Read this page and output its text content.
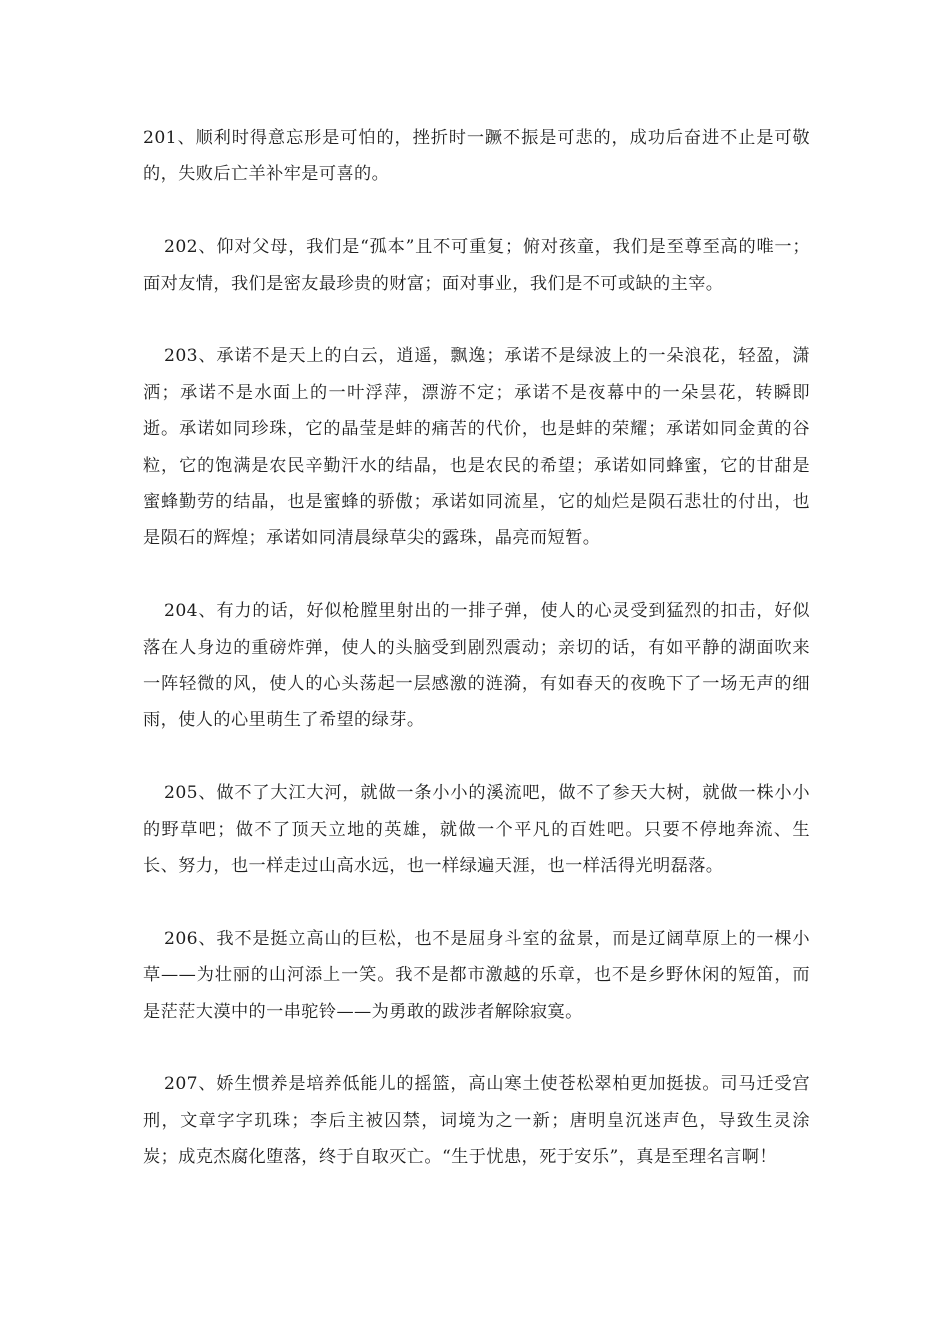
201、顺利时得意忘形是可怕的，挫折时一蹶不振是可悲的，成功后奋进不止是可敬的，失败后亡羊补牢是可喜的。

202、仰对父母，我们是“孤本”且不可重复；俯对孩童，我们是至尊至高的唯一；面对友情，我们是密友最珍贵的财富；面对事业，我们是不可或缺的主宰。

203、承诺不是天上的白云，逍遥，飘逸；承诺不是绿波上的一朵浪花，轻盈，潇洒；承诺不是水面上的一叶浮萍，漂游不定；承诺不是夜幕中的一朵昙花，转瞬即逝。承诺如同珍珠，它的晶莹是蚌的痛苦的代价，也是蚌的荣耀；承诺如同金黄的谷粒，它的饱满是农民辛勤汗水的结晶，也是农民的希望；承诺如同蜂蜜，它的甘甜是蜜蜂勤劳的结晶，也是蜜蜂的骄傲；承诺如同流星，它的灿烂是陨石悲壮的付出，也是陨石的辉煌；承诺如同清晨绿草尖的露珠，晶亮而短暂。

204、有力的话，好似枪膛里射出的一排子弹，使人的心灵受到猛烈的扣击，好似落在人身边的重磅炸弹，使人的头脑受到剧烈震动；亲切的话，有如平静的湖面吹来一阵轻微的风，使人的心头荡起一层感激的涟漪，有如春天的夜晚下了一场无声的细雨，使人的心里萌生了希望的绿芽。

205、做不了大江大河，就做一条小小的溪流吧，做不了参天大树，就做一株小小的野草吧；做不了顶天立地的英雄，就做一个平凡的百姓吧。只要不停地奔流、生长、努力，也一样走过山高水远，也一样绿遍天涯，也一样活得光明磊落。

206、我不是挺立高山的巨松，也不是屈身斗室的盆景，而是辽阔草原上的一棵小草——为壮丽的山河添上一笑。我不是都市激越的乐章，也不是乡野休闲的短笛，而是茫茫大漠中的一串驼铃——为勇敢的跋涉者解除寂寞。

207、娇生惯养是培养低能儿的摇篮，高山寒土使苍松翠柏更加挺拔。司马迁受宫刑，文章字字玑珠；李后主被囚禁，词境为之一新；唐明皇沉迷声色，导致生灵涂炭；成克杰腐化堕落，终于自取灭亡。“生于忧患，死于安乐”，真是至理名言啊！
